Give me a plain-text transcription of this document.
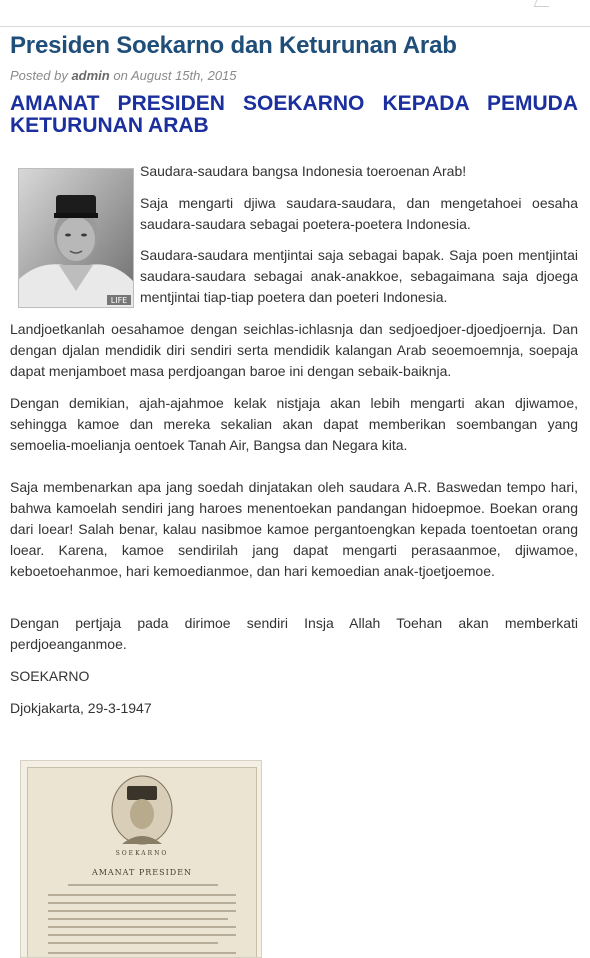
Presiden Soekarno dan Keturunan Arab
Posted by admin on August 15th, 2015
AMANAT PRESIDEN SOEKARNO KEPADA PEMUDA
KETURUNAN ARAB
LIFE

Saudara-saudara bangsa Indonesia toeroenan Arab!

Saja mengarti djiwa saudara-saudara, dan mengetahoei oesaha saudara-saudara sebagai poetera-poetera Indonesia.

Saudara-saudara mentjintai saja sebagai bapak. Saja poen mentjintai saudara-saudara sebagai anak-anakkoe, sebagaimana saja djoega mentjintai tiap-tiap poetera dan poeteri Indonesia.

Landjoetkanlah oesahamoe dengan seichlas-ichlasnja dan sedjoedjoer-djoedjoernja. Dan dengan djalan mendidik diri sendiri serta mendidik kalangan Arab seoemoemnja, soepaja dapat menjamboet masa perdjoangan baroe ini dengan sebaik-baiknja.

Dengan demikian, ajah-ajahmoe kelak nistjaja akan lebih mengarti akan djiwamoe, sehingga kamoe dan mereka sekalian akan dapat memberikan soembangan yang semoelia-moelianja oentoek Tanah Air, Bangsa dan Negara kita.

Saja membenarkan apa jang soedah dinjatakan oleh saudara A.R. Baswedan tempo hari, bahwa kamoelah sendiri jang haroes menentoekan pandangan hidoepmoe. Boekan orang dari loear! Salah benar, kalau nasibmoe kamoe pergantoengkan kepada toentoetan orang loear. Karena, kamoe sendirilah jang dapat mengarti perasaanmoe, djiwamoe, keboetoehanmoe, hari kemoedianmoe, dan hari kemoedian anak-tjoetjoemoe.

Dengan pertjaja pada dirimoe sendiri Insja Allah Toehan akan memberkati perdjoeanganmoe.

SOEKARNO

Djokjakarta, 29-3-1947

SOEKARNO
AMANAT PRESIDEN
